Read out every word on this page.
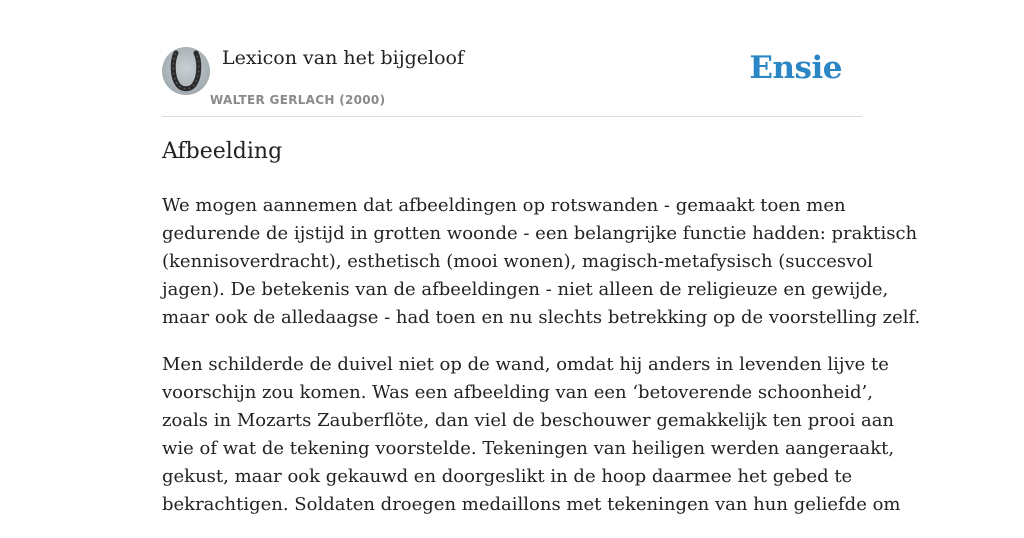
Lexicon van het bijgeloof
WALTER GERLACH (2000)
Ensie
Afbeelding

We mogen aannemen dat afbeeldingen op rotswanden - gemaakt toen men
gedurende de ijstijd in grotten woonde - een belangrijke functie hadden: praktisch
(kennisoverdracht), esthetisch (mooi wonen), magisch-metafysisch (succesvol
jagen). De betekenis van de afbeeldingen - niet alleen de religieuze en gewijde,
maar ook de alledaagse - had toen en nu slechts betrekking op de voorstelling zelf.

Men schilderde de duivel niet op de wand, omdat hij anders in levenden lijve te
voorschijn zou komen. Was een afbeelding van een ‘betoverende schoonheid’,
zoals in Mozarts Zauberflöte, dan viel de beschouwer gemakkelijk ten prooi aan
wie of wat de tekening voorstelde. Tekeningen van heiligen werden aangeraakt,
gekust, maar ook gekauwd en doorgeslikt in de hoop daarmee het gebed te
bekrachtigen. Soldaten droegen medaillons met tekeningen van hun geliefde om
